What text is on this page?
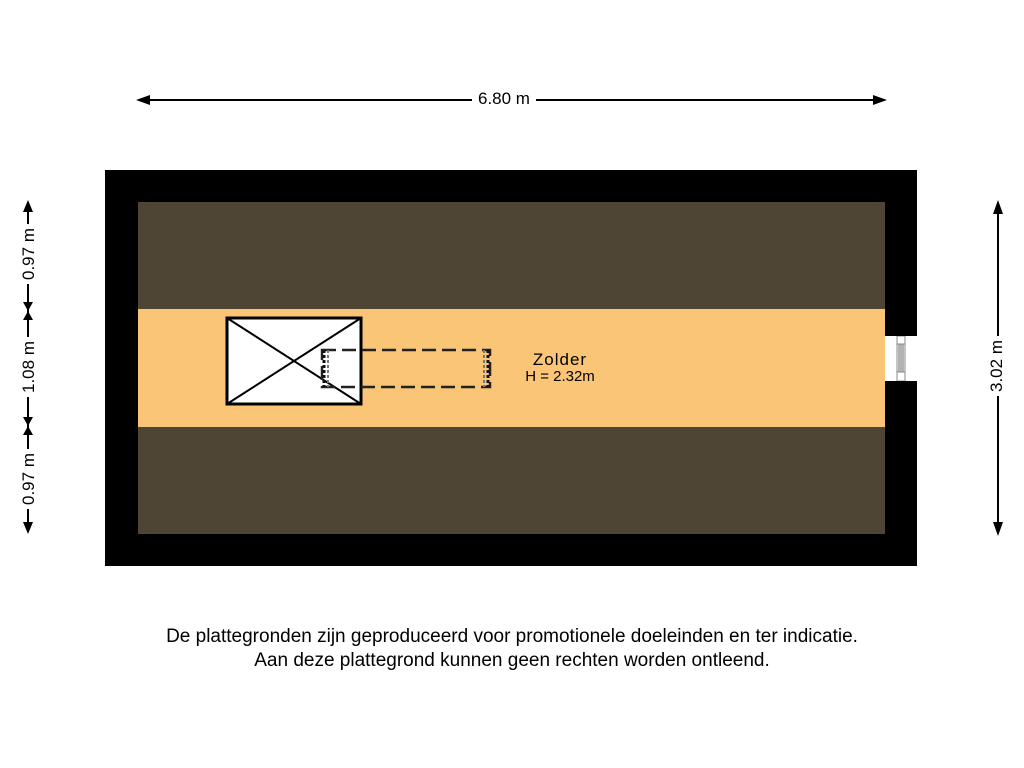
6.80 m
3.02 m
0.97 m
1.08 m
0.97 m
Zolder
H = 2.32m
De plattegronden zijn geproduceerd voor promotionele doeleinden en ter indicatie.
Aan deze plattegrond kunnen geen rechten worden ontleend.
